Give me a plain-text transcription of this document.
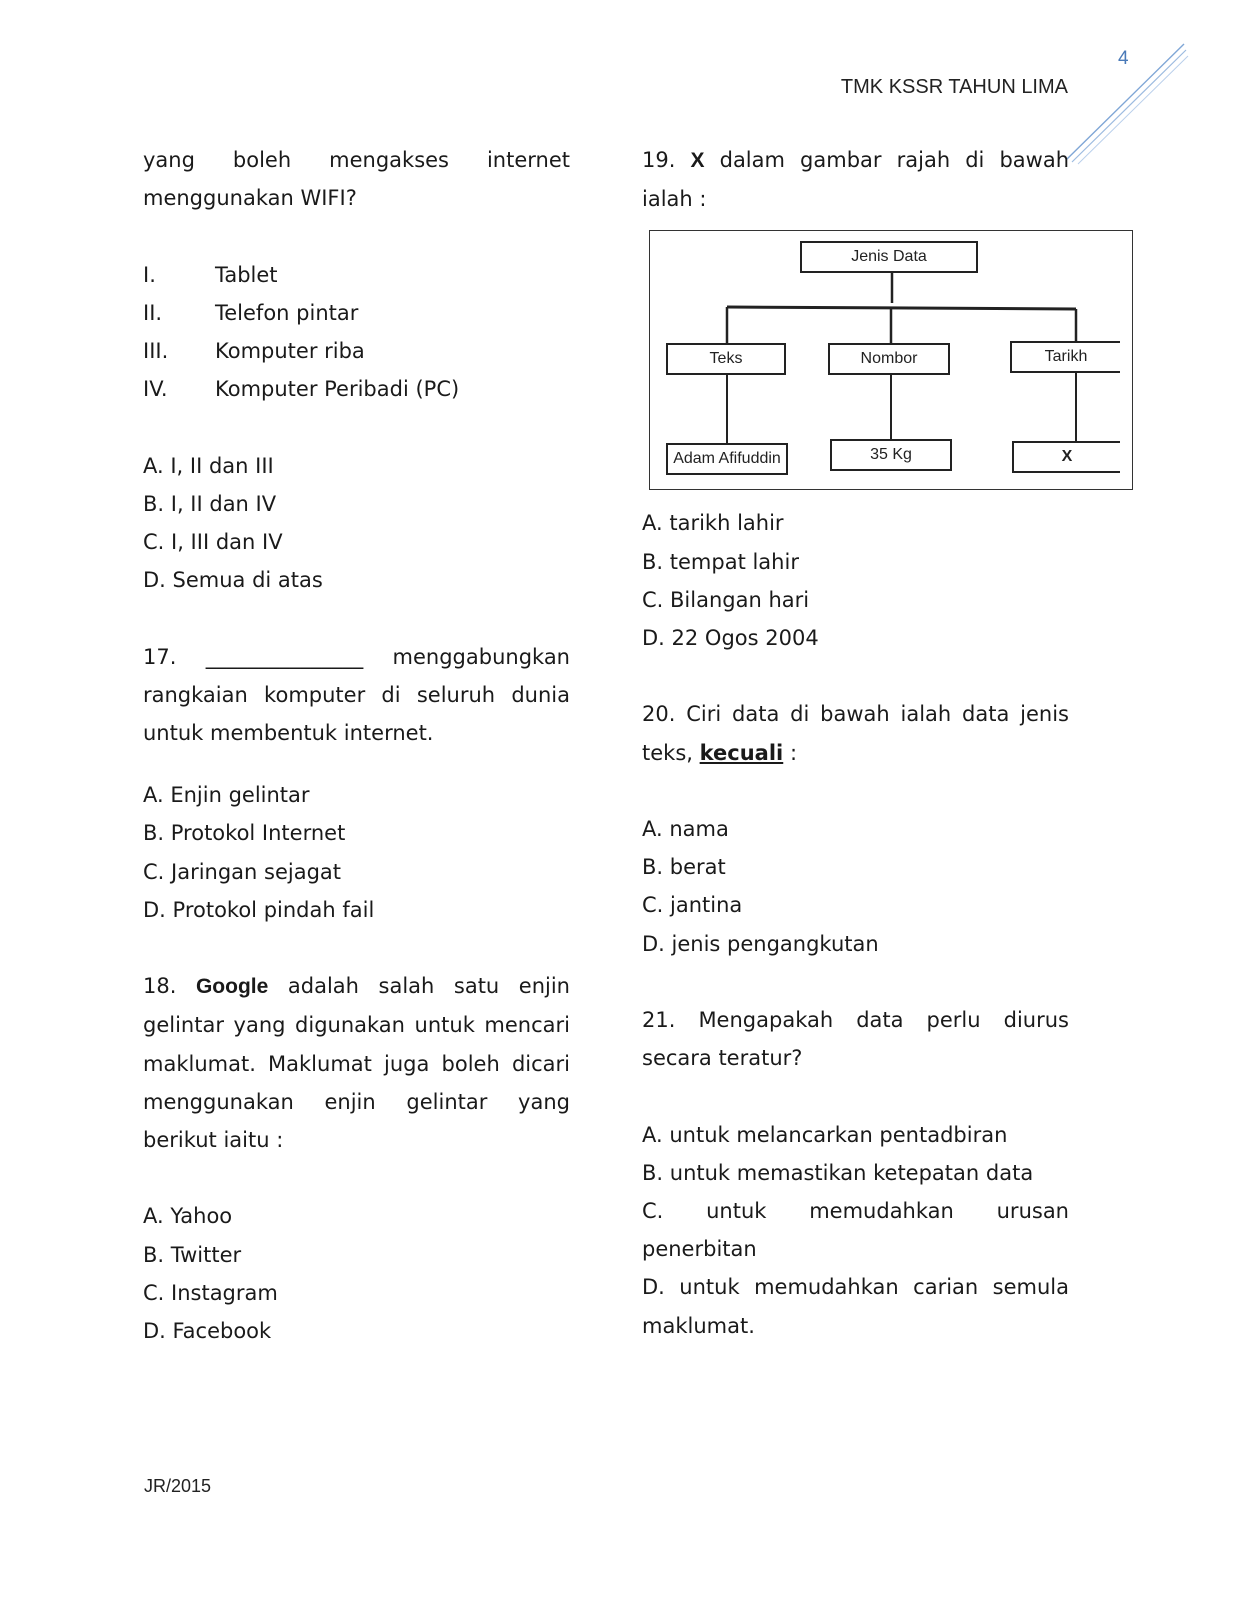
4
TMK KSSR TAHUN LIMA

yang boleh mengakses internet

menggunakan WIFI?

I.	Tablet
II.	Telefon pintar
III.	Komputer riba
IV.	Komputer Peribadi (PC)

A. I, II dan III

B. I, II dan IV

C. I, III dan IV

D. Semua di atas

17. _______________ menggabungkan

rangkaian komputer di seluruh dunia

untuk membentuk internet.

A. Enjin gelintar

B. Protokol Internet

C. Jaringan sejagat

D. Protokol pindah fail

18. Google adalah salah satu enjin

gelintar yang digunakan untuk mencari

maklumat. Maklumat juga boleh dicari

menggunakan enjin gelintar yang

berikut iaitu :

A. Yahoo

B. Twitter

C. Instagram

D. Facebook

19. X dalam gambar rajah di bawah

ialah :

Jenis Data
Teks	Nombor	Tarikh
Adam Afifuddin	35 Kg	X

A. tarikh lahir

B. tempat lahir

C. Bilangan hari

D. 22 Ogos 2004

20. Ciri data di bawah ialah data jenis

teks, kecuali :

A. nama

B. berat

C. jantina

D. jenis pengangkutan

21. Mengapakah data perlu diurus

secara teratur?

A. untuk melancarkan pentadbiran

B. untuk memastikan ketepatan data

C. untuk memudahkan urusan

penerbitan

D. untuk memudahkan carian semula

maklumat.

JR/2015
